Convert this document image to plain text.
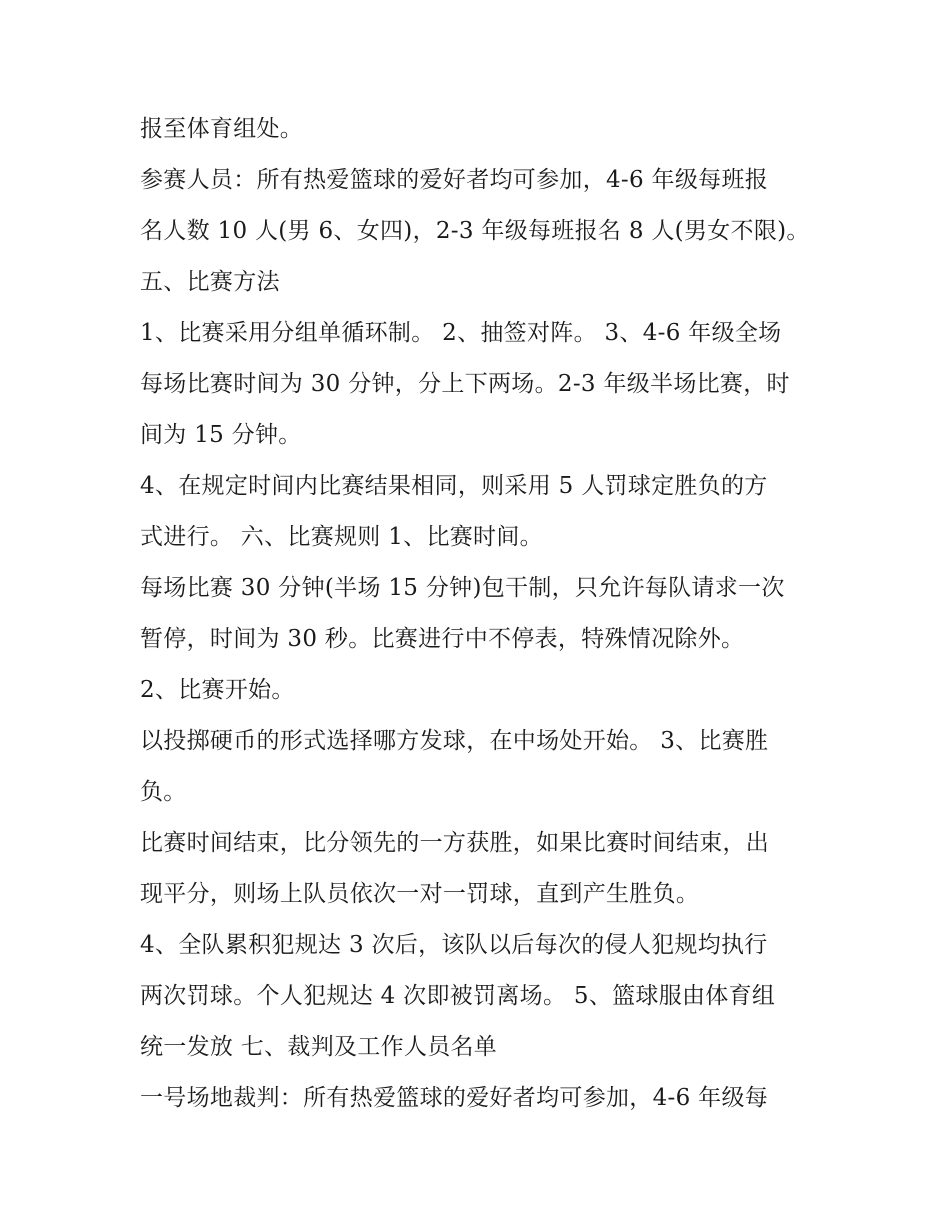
报至体育组处。
参赛人员：所有热爱篮球的爱好者均可参加，4-6 年级每班报
名人数 10 人(男 6、女四)，2-3 年级每班报名 8 人(男女不限)。
五、比赛方法
1、比赛采用分组单循环制。 2、抽签对阵。 3、4-6 年级全场
每场比赛时间为 30 分钟，分上下两场。2-3 年级半场比赛，时
间为 15 分钟。
4、在规定时间内比赛结果相同，则采用 5 人罚球定胜负的方
式进行。 六、比赛规则 1、比赛时间。
每场比赛 30 分钟(半场 15 分钟)包干制，只允许每队请求一次
暂停，时间为 30 秒。比赛进行中不停表，特殊情况除外。
2、比赛开始。
以投掷硬币的形式选择哪方发球，在中场处开始。 3、比赛胜
负。
比赛时间结束，比分领先的一方获胜，如果比赛时间结束，出
现平分，则场上队员依次一对一罚球，直到产生胜负。
4、全队累积犯规达 3 次后，该队以后每次的侵人犯规均执行
两次罚球。个人犯规达 4 次即被罚离场。 5、篮球服由体育组
统一发放 七、裁判及工作人员名单
一号场地裁判：所有热爱篮球的爱好者均可参加，4-6 年级每
